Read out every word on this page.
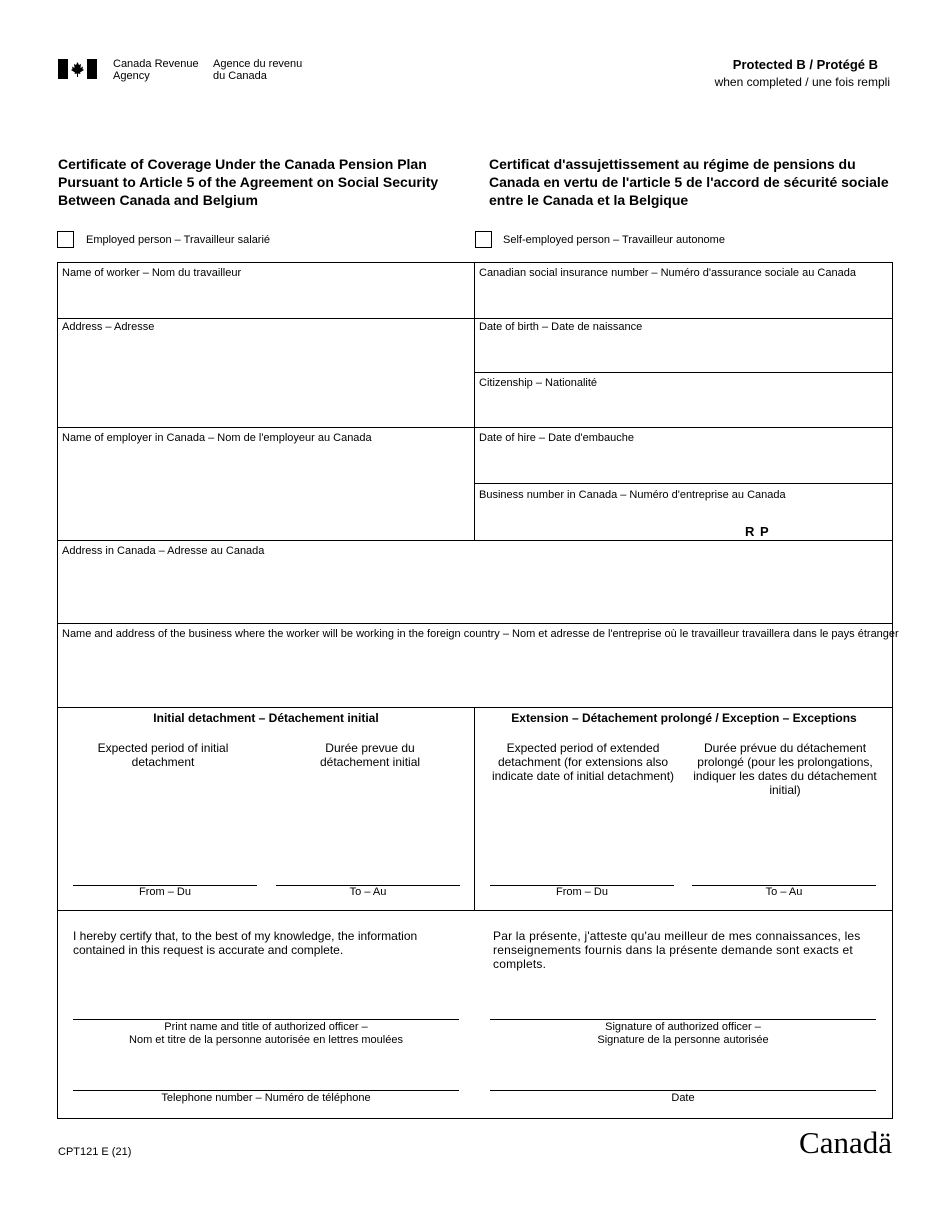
Canada Revenue
Agency
Agence du revenu
du Canada
Protected B / Protégé B
when completed / une fois rempli
Certificate of Coverage Under the Canada Pension Plan Pursuant to Article 5 of the Agreement on Social Security Between Canada and Belgium
Certificat d'assujettissement au régime de pensions du Canada en vertu de l'article 5 de l'accord de sécurité sociale entre le Canada et la Belgique
Employed person – Travailleur salarié	Self-employed person – Travailleur autonome
Name of worker – Nom du travailleur	Canadian social insurance number – Numéro d'assurance sociale au Canada
Address – Adresse	Date of birth – Date de naissance
Citizenship – Nationalité
Name of employer in Canada – Nom de l'employeur au Canada	Date of hire – Date d'embauche
Business number in Canada – Numéro d'entreprise au Canada
R P
Address in Canada – Adresse au Canada
Name and address of the business where the worker will be working in the foreign country – Nom et adresse de l'entreprise où le travailleur travaillera dans le pays étranger
Initial detachment – Détachement initial
Expected period of initial detachment
Durée prevue du détachement initial
From – Du	To – Au
Extension – Détachement prolongé / Exception – Exceptions
Expected period of extended detachment (for extensions also indicate date of initial detachment)
Durée prévue du détachement prolongé (pour les prolongations, indiquer les dates du détachement initial)
From – Du	To – Au
I hereby certify that, to the best of my knowledge, the information contained in this request is accurate and complete.
Par la présente, j'atteste qu'au meilleur de mes connaissances, les renseignements fournis dans la présente demande sont exacts et complets.
Print name and title of authorized officer –
Nom et titre de la personne autorisée en lettres moulées
Signature of authorized officer –
Signature de la personne autorisée
Telephone number – Numéro de téléphone	Date
CPT121 E (21)	Canadä
